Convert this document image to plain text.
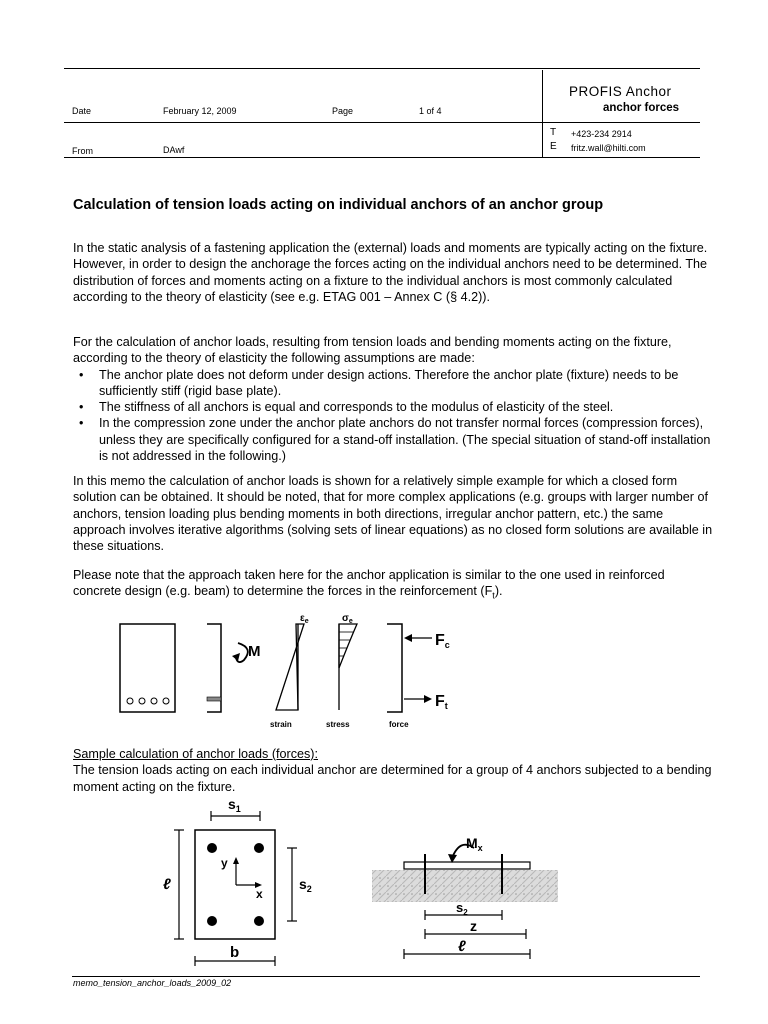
PROFIS Anchor
anchor forces
Date	February 12, 2009	Page	1 of 4
From	DAwf
T +423-234 2914
E fritz.wall@hilti.com
Calculation of tension loads acting on individual anchors of an anchor group

In the static analysis of a fastening application the (external) loads and moments are typically acting on the fixture. However, in order to design the anchorage the forces acting on the individual anchors need to be determined. The distribution of forces and moments acting on a fixture to the individual anchors is most commonly calculated according to the theory of elasticity (see e.g. ETAG 001 – Annex C (§ 4.2)).

For the calculation of anchor loads, resulting from tension loads and bending moments acting on the fixture, according to the theory of elasticity the following assumptions are made:

• The anchor plate does not deform under design actions. Therefore the anchor plate (fixture) needs to be sufficiently stiff (rigid base plate).
• The stiffness of all anchors is equal and corresponds to the modulus of elasticity of the steel.
• In the compression zone under the anchor plate anchors do not transfer normal forces (compression forces), unless they are specifically configured for a stand-off installation. (The special situation of stand-off installation is not addressed in the following.)

In this memo the calculation of anchor loads is shown for a relatively simple example for which a closed form solution can be obtained. It should be noted, that for more complex applications (e.g. groups with larger number of anchors, tension loading plus bending moments in both directions, irregular anchor pattern, etc.) the same approach involves iterative algorithms (solving sets of linear equations) as no closed form solutions are available in these situations.

Please note that the approach taken here for the anchor application is similar to the one used in reinforced concrete design (e.g. beam) to determine the forces in the reinforcement $(F_t)$.

M
$\varepsilon_e$	$\sigma_e$
Fc
Ft
strain	stress	force

Sample calculation of anchor loads (forces):

The tension loads acting on each individual anchor are determined for a group of 4 anchors subjected to a bending moment acting on the fixture.

$s_1$
y
x
ℓ	$s_2$
b
$M_x$
$s_2$
z
ℓ
memo_tension_anchor_loads_2009_02
